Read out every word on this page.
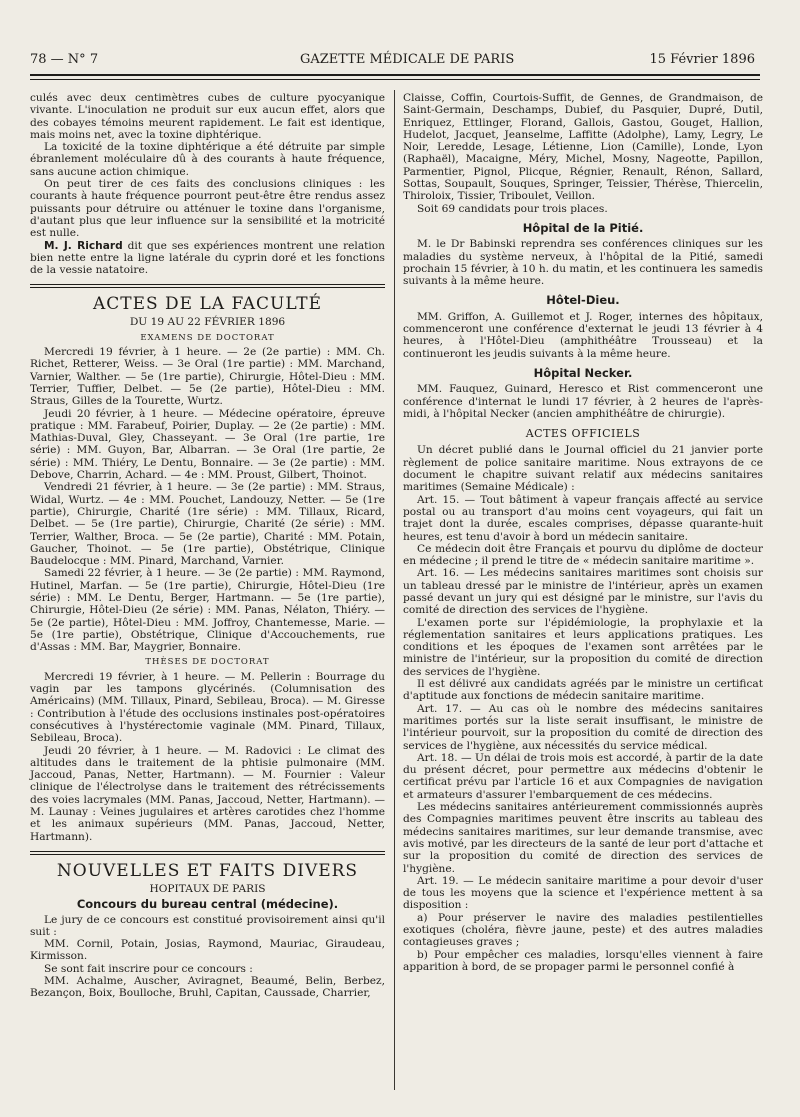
78 — N° 7	GAZETTE MÉDICALE DE PARIS	15 Février 1896

culés avec deux centimètres cubes de culture pyocyanique vivante. L'inoculation ne produit sur eux aucun effet, alors que des cobayes témoins meurent rapidement. Le fait est identique, mais moins net, avec la toxine diphtérique.

La toxicité de la toxine diphtérique a été détruite par simple ébranlement moléculaire dû à des courants à haute fréquence, sans aucune action chimique.

On peut tirer de ces faits des conclusions cliniques : les courants à haute fréquence pourront peut-être être rendus assez puissants pour détruire ou atténuer le toxine dans l'organisme, d'autant plus que leur influence sur la sensibilité et la motricité est nulle.

M. J. Richard dit que ses expériences montrent une relation bien nette entre la ligne latérale du cyprin doré et les fonctions de la vessie natatoire.

ACTES DE LA FACULTÉ
DU 19 AU 22 FÉVRIER 1896
EXAMENS DE DOCTORAT

Mercredi 19 février, à 1 heure. — 2e (2e partie) : MM. Ch. Richet, Retterer, Weiss. — 3e Oral (1re partie) : MM. Marchand, Varnier, Walther. — 5e (1re partie), Chirurgie, Hôtel-Dieu : MM. Terrier, Tuffier, Delbet. — 5e (2e partie), Hôtel-Dieu : MM. Straus, Gilles de la Tourette, Wurtz.

Jeudi 20 février, à 1 heure. — Médecine opératoire, épreuve pratique : MM. Farabeuf, Poirier, Duplay. — 2e (2e partie) : MM. Mathias-Duval, Gley, Chasseyant. — 3e Oral (1re partie, 1re série) : MM. Guyon, Bar, Albarran. — 3e Oral (1re partie, 2e série) : MM. Thiéry, Le Dentu, Bonnaire. — 3e (2e partie) : MM. Debove, Charrin, Achard. — 4e : MM. Proust, Gilbert, Thoinot.

Vendredi 21 février, à 1 heure. — 3e (2e partie) : MM. Straus, Widal, Wurtz. — 4e : MM. Pouchet, Landouzy, Netter. — 5e (1re partie), Chirurgie, Charité (1re série) : MM. Tillaux, Ricard, Delbet. — 5e (1re partie), Chirurgie, Charité (2e série) : MM. Terrier, Walther, Broca. — 5e (2e partie), Charité : MM. Potain, Gaucher, Thoinot. — 5e (1re partie), Obstétrique, Clinique Baudelocque : MM. Pinard, Marchand, Varnier.

Samedi 22 février, à 1 heure. — 3e (2e partie) : MM. Raymond, Hutinel, Marfan. — 5e (1re partie), Chirurgie, Hôtel-Dieu (1re série) : MM. Le Dentu, Berger, Hartmann. — 5e (1re partie), Chirurgie, Hôtel-Dieu (2e série) : MM. Panas, Nélaton, Thiéry. — 5e (2e partie), Hôtel-Dieu : MM. Joffroy, Chantemesse, Marie. — 5e (1re partie), Obstétrique, Clinique d'Accouchements, rue d'Assas : MM. Bar, Maygrier, Bonnaire.

THÈSES DE DOCTORAT

Mercredi 19 février, à 1 heure. — M. Pellerin : Bourrage du vagin par les tampons glycérinés. (Columnisation des Américains) (MM. Tillaux, Pinard, Sebileau, Broca). — M. Giresse : Contribution à l'étude des occlusions instinales post-opératoires consécutives à l'hystérectomie vaginale (MM. Pinard, Tillaux, Sebileau, Broca).

Jeudi 20 février, à 1 heure. — M. Radovici : Le climat des altitudes dans le traitement de la phtisie pulmonaire (MM. Jaccoud, Panas, Netter, Hartmann). — M. Fournier : Valeur clinique de l'électrolyse dans le traitement des rétrécissements des voies lacrymales (MM. Panas, Jaccoud, Netter, Hartmann). — M. Launay : Veines jugulaires et artères carotides chez l'homme et les animaux supérieurs (MM. Panas, Jaccoud, Netter, Hartmann).

NOUVELLES ET FAITS DIVERS
HOPITAUX DE PARIS
Concours du bureau central (médecine).

Le jury de ce concours est constitué provisoirement ainsi qu'il suit :

MM. Cornil, Potain, Josias, Raymond, Mauriac, Giraudeau, Kirmisson.

Se sont fait inscrire pour ce concours :

MM. Achalme, Auscher, Aviragnet, Beaumé, Belin, Berbez, Bezançon, Boix, Boulloche, Bruhl, Capitan, Caussade, Charrier,

Claisse, Coffin, Courtois-Suffit, de Gennes, de Grandmaison, de Saint-Germain, Deschamps, Dubief, du Pasquier, Dupré, Dutil, Enriquez, Ettlinger, Florand, Gallois, Gastou, Gouget, Hallion, Hudelot, Jacquet, Jeanselme, Laffitte (Adolphe), Lamy, Legry, Le Noir, Leredde, Lesage, Létienne, Lion (Camille), Londe, Lyon (Raphaël), Macaigne, Méry, Michel, Mosny, Nageotte, Papillon, Parmentier, Pignol, Plicque, Régnier, Renault, Rénon, Sallard, Sottas, Soupault, Souques, Springer, Teissier, Thérèse, Thiercelin, Thiroloix, Tissier, Triboulet, Veillon.

Soit 69 candidats pour trois places.

Hôpital de la Pitié.

M. le Dr Babinski reprendra ses conférences cliniques sur les maladies du système nerveux, à l'hôpital de la Pitié, samedi prochain 15 février, à 10 h. du matin, et les continuera les samedis suivants à la même heure.

Hôtel-Dieu.

MM. Griffon, A. Guillemot et J. Roger, internes des hôpitaux, commenceront une conférence d'externat le jeudi 13 février à 4 heures, à l'Hôtel-Dieu (amphithéâtre Trousseau) et la continueront les jeudis suivants à la même heure.

Hôpital Necker.

MM. Fauquez, Guinard, Heresco et Rist commenceront une conférence d'internat le lundi 17 février, à 2 heures de l'après-midi, à l'hôpital Necker (ancien amphithéâtre de chirurgie).

ACTES OFFICIELS

Un décret publié dans le Journal officiel du 21 janvier porte règlement de police sanitaire maritime. Nous extrayons de ce document le chapitre suivant relatif aux médecins sanitaires maritimes (Semaine Médicale) :

Art. 15. — Tout bâtiment à vapeur français affecté au service postal ou au transport d'au moins cent voyageurs, qui fait un trajet dont la durée, escales comprises, dépasse quarante-huit heures, est tenu d'avoir à bord un médecin sanitaire.

Ce médecin doit être Français et pourvu du diplôme de docteur en médecine ; il prend le titre de « médecin sanitaire maritime ».

Art. 16. — Les médecins sanitaires maritimes sont choisis sur un tableau dressé par le ministre de l'intérieur, après un examen passé devant un jury qui est désigné par le ministre, sur l'avis du comité de direction des services de l'hygiène.

L'examen porte sur l'épidémiologie, la prophylaxie et la réglementation sanitaires et leurs applications pratiques. Les conditions et les époques de l'examen sont arrêtées par le ministre de l'intérieur, sur la proposition du comité de direction des services de l'hygiène.

Il est délivré aux candidats agréés par le ministre un certificat d'aptitude aux fonctions de médecin sanitaire maritime.

Art. 17. — Au cas où le nombre des médecins sanitaires maritimes portés sur la liste serait insuffisant, le ministre de l'intérieur pourvoit, sur la proposition du comité de direction des services de l'hygiène, aux nécessités du service médical.

Art. 18. — Un délai de trois mois est accordé, à partir de la date du présent décret, pour permettre aux médecins d'obtenir le certificat prévu par l'article 16 et aux Compagnies de navigation et armateurs d'assurer l'embarquement de ces médecins.

Les médecins sanitaires antérieurement commissionnés auprès des Compagnies maritimes peuvent être inscrits au tableau des médecins sanitaires maritimes, sur leur demande transmise, avec avis motivé, par les directeurs de la santé de leur port d'attache et sur la proposition du comité de direction des services de l'hygiène.

Art. 19. — Le médecin sanitaire maritime a pour devoir d'user de tous les moyens que la science et l'expérience mettent à sa disposition :

a) Pour préserver le navire des maladies pestilentielles exotiques (choléra, fièvre jaune, peste) et des autres maladies contagieuses graves ;

b) Pour empêcher ces maladies, lorsqu'elles viennent à faire apparition à bord, de se propager parmi le personnel confié à
